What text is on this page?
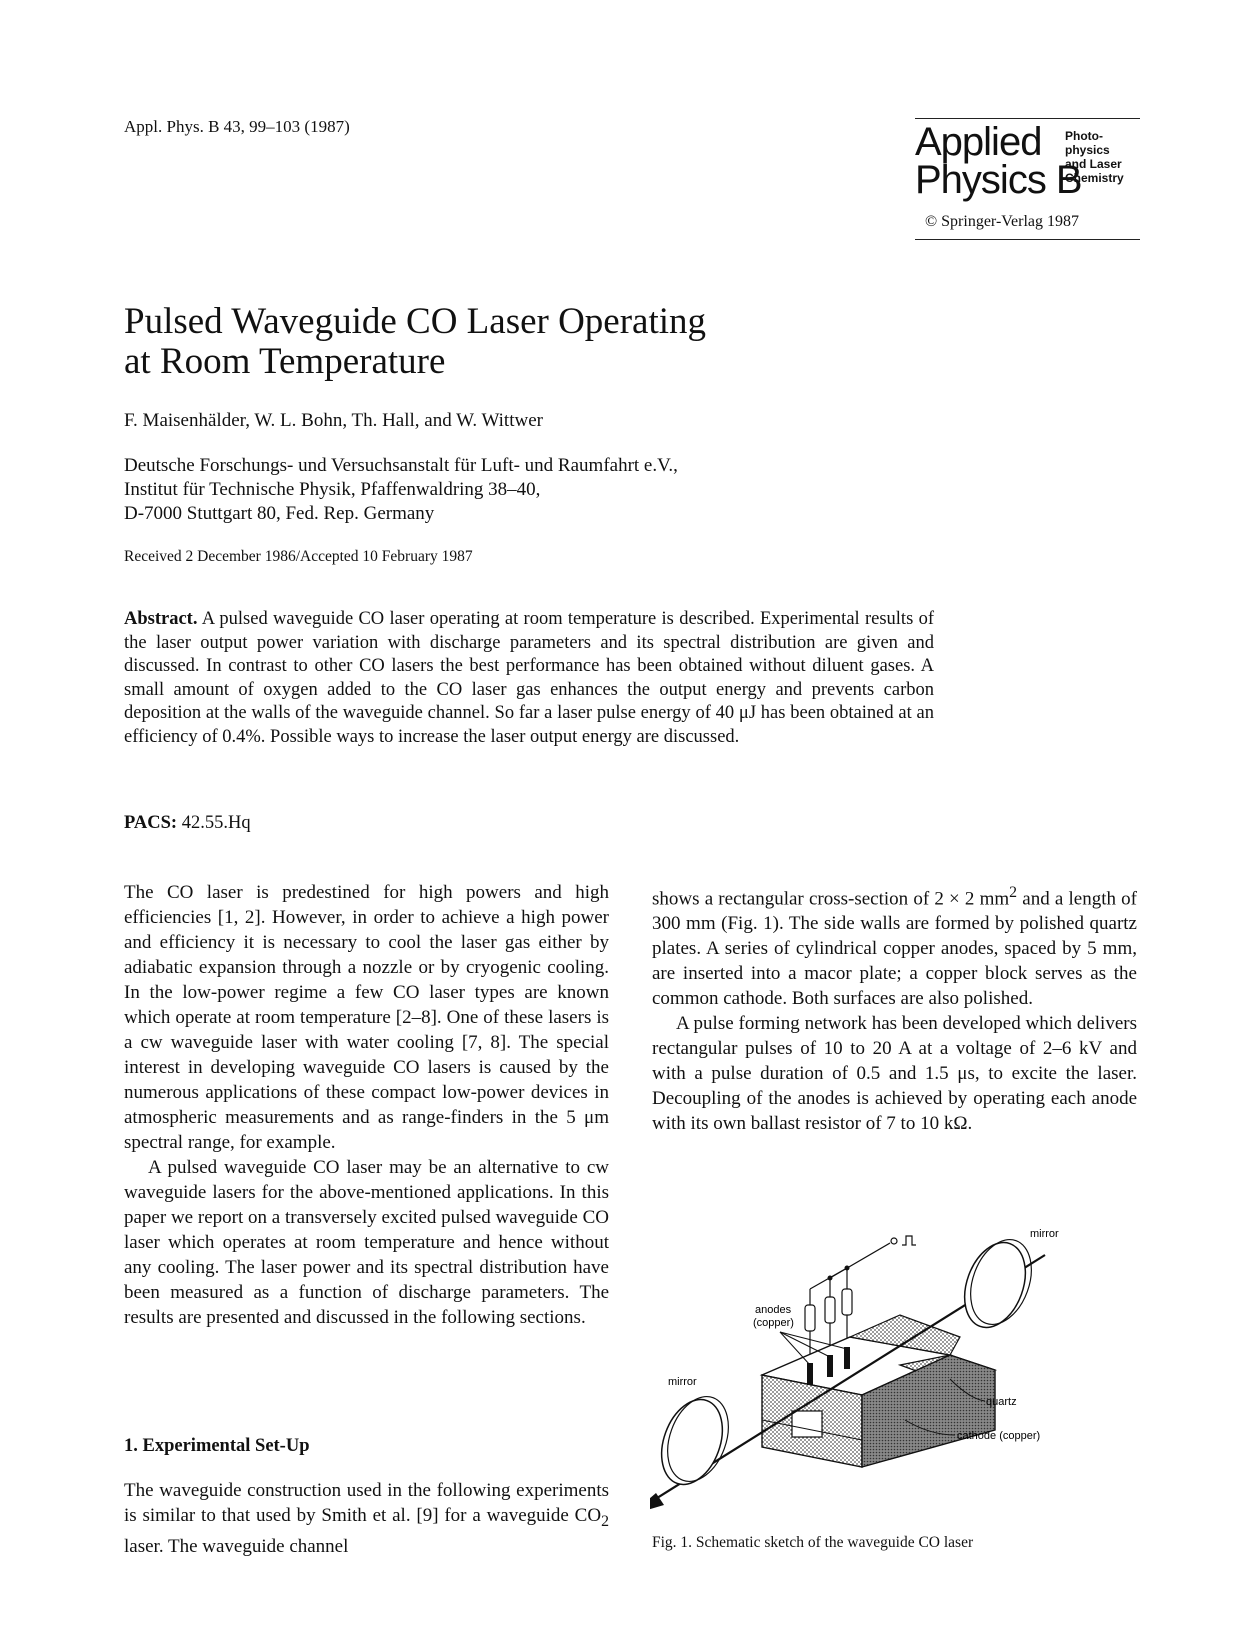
Appl. Phys. B 43, 99–103 (1987)	Applied
Physics B
Photo-
physics
and Laser
Chemistry
© Springer-Verlag 1987
Pulsed Waveguide CO Laser Operating
at Room Temperature
F. Maisenhälder, W. L. Bohn, Th. Hall, and W. Wittwer
Deutsche Forschungs- und Versuchsanstalt für Luft- und Raumfahrt e.V.,
Institut für Technische Physik, Pfaffenwaldring 38–40,
D-7000 Stuttgart 80, Fed. Rep. Germany
Received 2 December 1986/Accepted 10 February 1987
Abstract. A pulsed waveguide CO laser operating at room temperature is described. Experimental results of the laser output power variation with discharge parameters and its spectral distribution are given and discussed. In contrast to other CO lasers the best performance has been obtained without diluent gases. A small amount of oxygen added to the CO laser gas enhances the output energy and prevents carbon deposition at the walls of the waveguide channel. So far a laser pulse energy of 40 μJ has been obtained at an efficiency of 0.4%. Possible ways to increase the laser output energy are discussed.
PACS: 42.55.Hq

The CO laser is predestined for high powers and high efficiencies [1, 2]. However, in order to achieve a high power and efficiency it is necessary to cool the laser gas either by adiabatic expansion through a nozzle or by cryogenic cooling. In the low-power regime a few CO laser types are known which operate at room temperature [2–8]. One of these lasers is a cw waveguide laser with water cooling [7, 8]. The special interest in developing waveguide CO lasers is caused by the numerous applications of these compact low-power devices in atmospheric measurements and as range-finders in the 5 μm spectral range, for example.

A pulsed waveguide CO laser may be an alternative to cw waveguide lasers for the above-mentioned applications. In this paper we report on a transversely excited pulsed waveguide CO laser which operates at room temperature and hence without any cooling. The laser power and its spectral distribution have been measured as a function of discharge parameters. The results are presented and discussed in the following sections.

1. Experimental Set-Up

The waveguide construction used in the following experiments is similar to that used by Smith et al. [9] for a waveguide $CO_2$ laser. The waveguide channel

shows a rectangular cross-section of 2 × 2 $mm^2$ and a length of 300 mm (Fig. 1). The side walls are formed by polished quartz plates. A series of cylindrical copper anodes, spaced by 5 mm, are inserted into a macor plate; a copper block serves as the common cathode. Both surfaces are also polished.

A pulse forming network has been developed which delivers rectangular pulses of 10 to 20 A at a voltage of 2–6 kV and with a pulse duration of 0.5 and 1.5 μs, to excite the laser. Decoupling of the anodes is achieved by operating each anode with its own ballast resistor of 7 to 10 kΩ.

mirror
anodes
(copper)
quartz
cathode (copper)
mirror
Fig. 1. Schematic sketch of the waveguide CO laser
